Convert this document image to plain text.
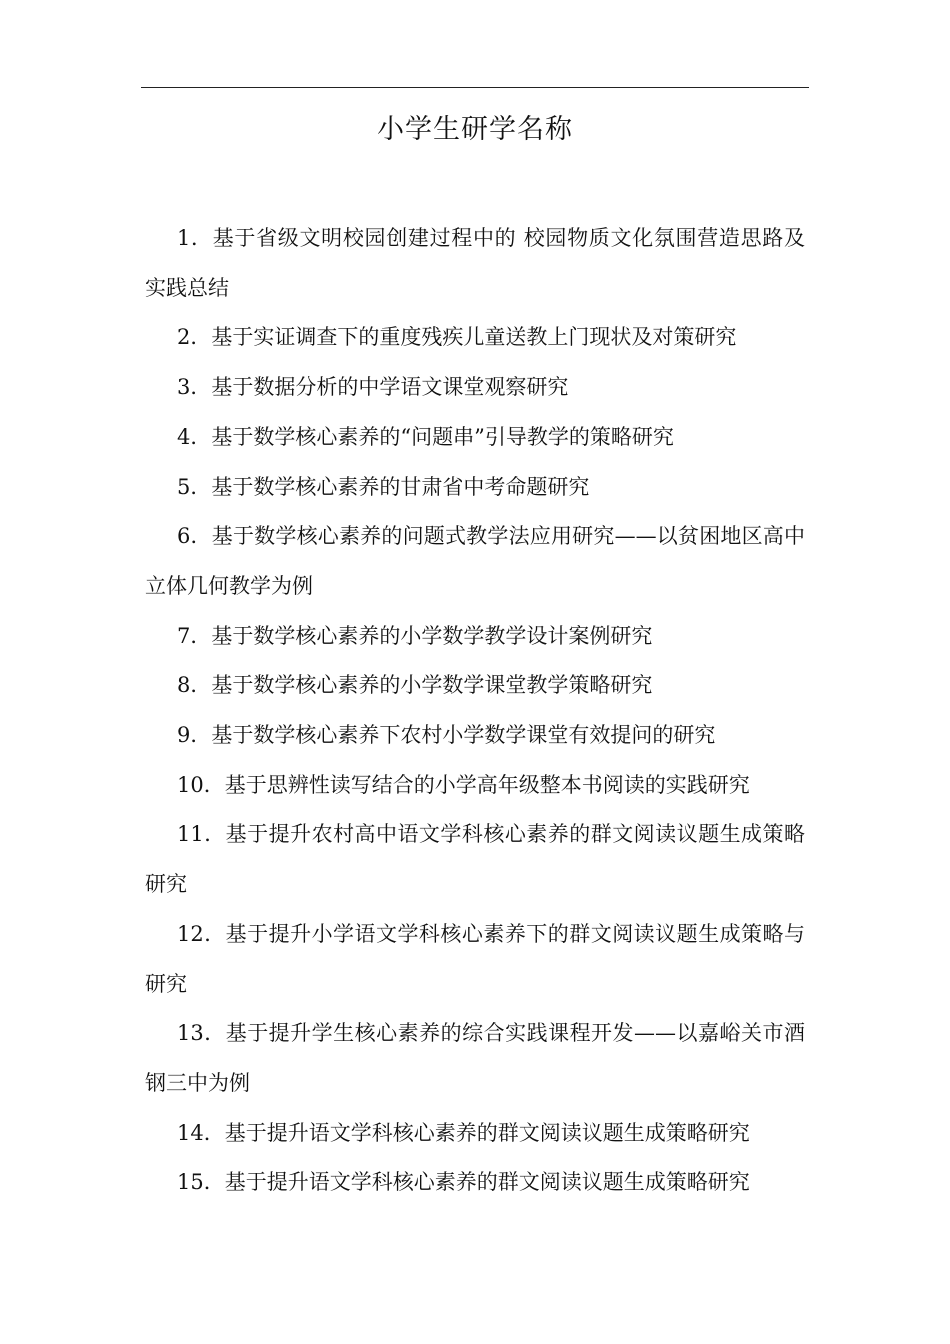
小学生研学名称
1．基于省级文明校园创建过程中的 校园物质文化氛围营造思路及实践总结
2．基于实证调查下的重度残疾儿童送教上门现状及对策研究
3．基于数据分析的中学语文课堂观察研究
4．基于数学核心素养的“问题串”引导教学的策略研究
5．基于数学核心素养的甘肃省中考命题研究
6．基于数学核心素养的问题式教学法应用研究——以贫困地区高中立体几何教学为例
7．基于数学核心素养的小学数学教学设计案例研究
8．基于数学核心素养的小学数学课堂教学策略研究
9．基于数学核心素养下农村小学数学课堂有效提问的研究
10．基于思辨性读写结合的小学高年级整本书阅读的实践研究
11．基于提升农村高中语文学科核心素养的群文阅读议题生成策略研究
12．基于提升小学语文学科核心素养下的群文阅读议题生成策略与研究
13．基于提升学生核心素养的综合实践课程开发——以嘉峪关市酒钢三中为例
14．基于提升语文学科核心素养的群文阅读议题生成策略研究
15．基于提升语文学科核心素养的群文阅读议题生成策略研究
